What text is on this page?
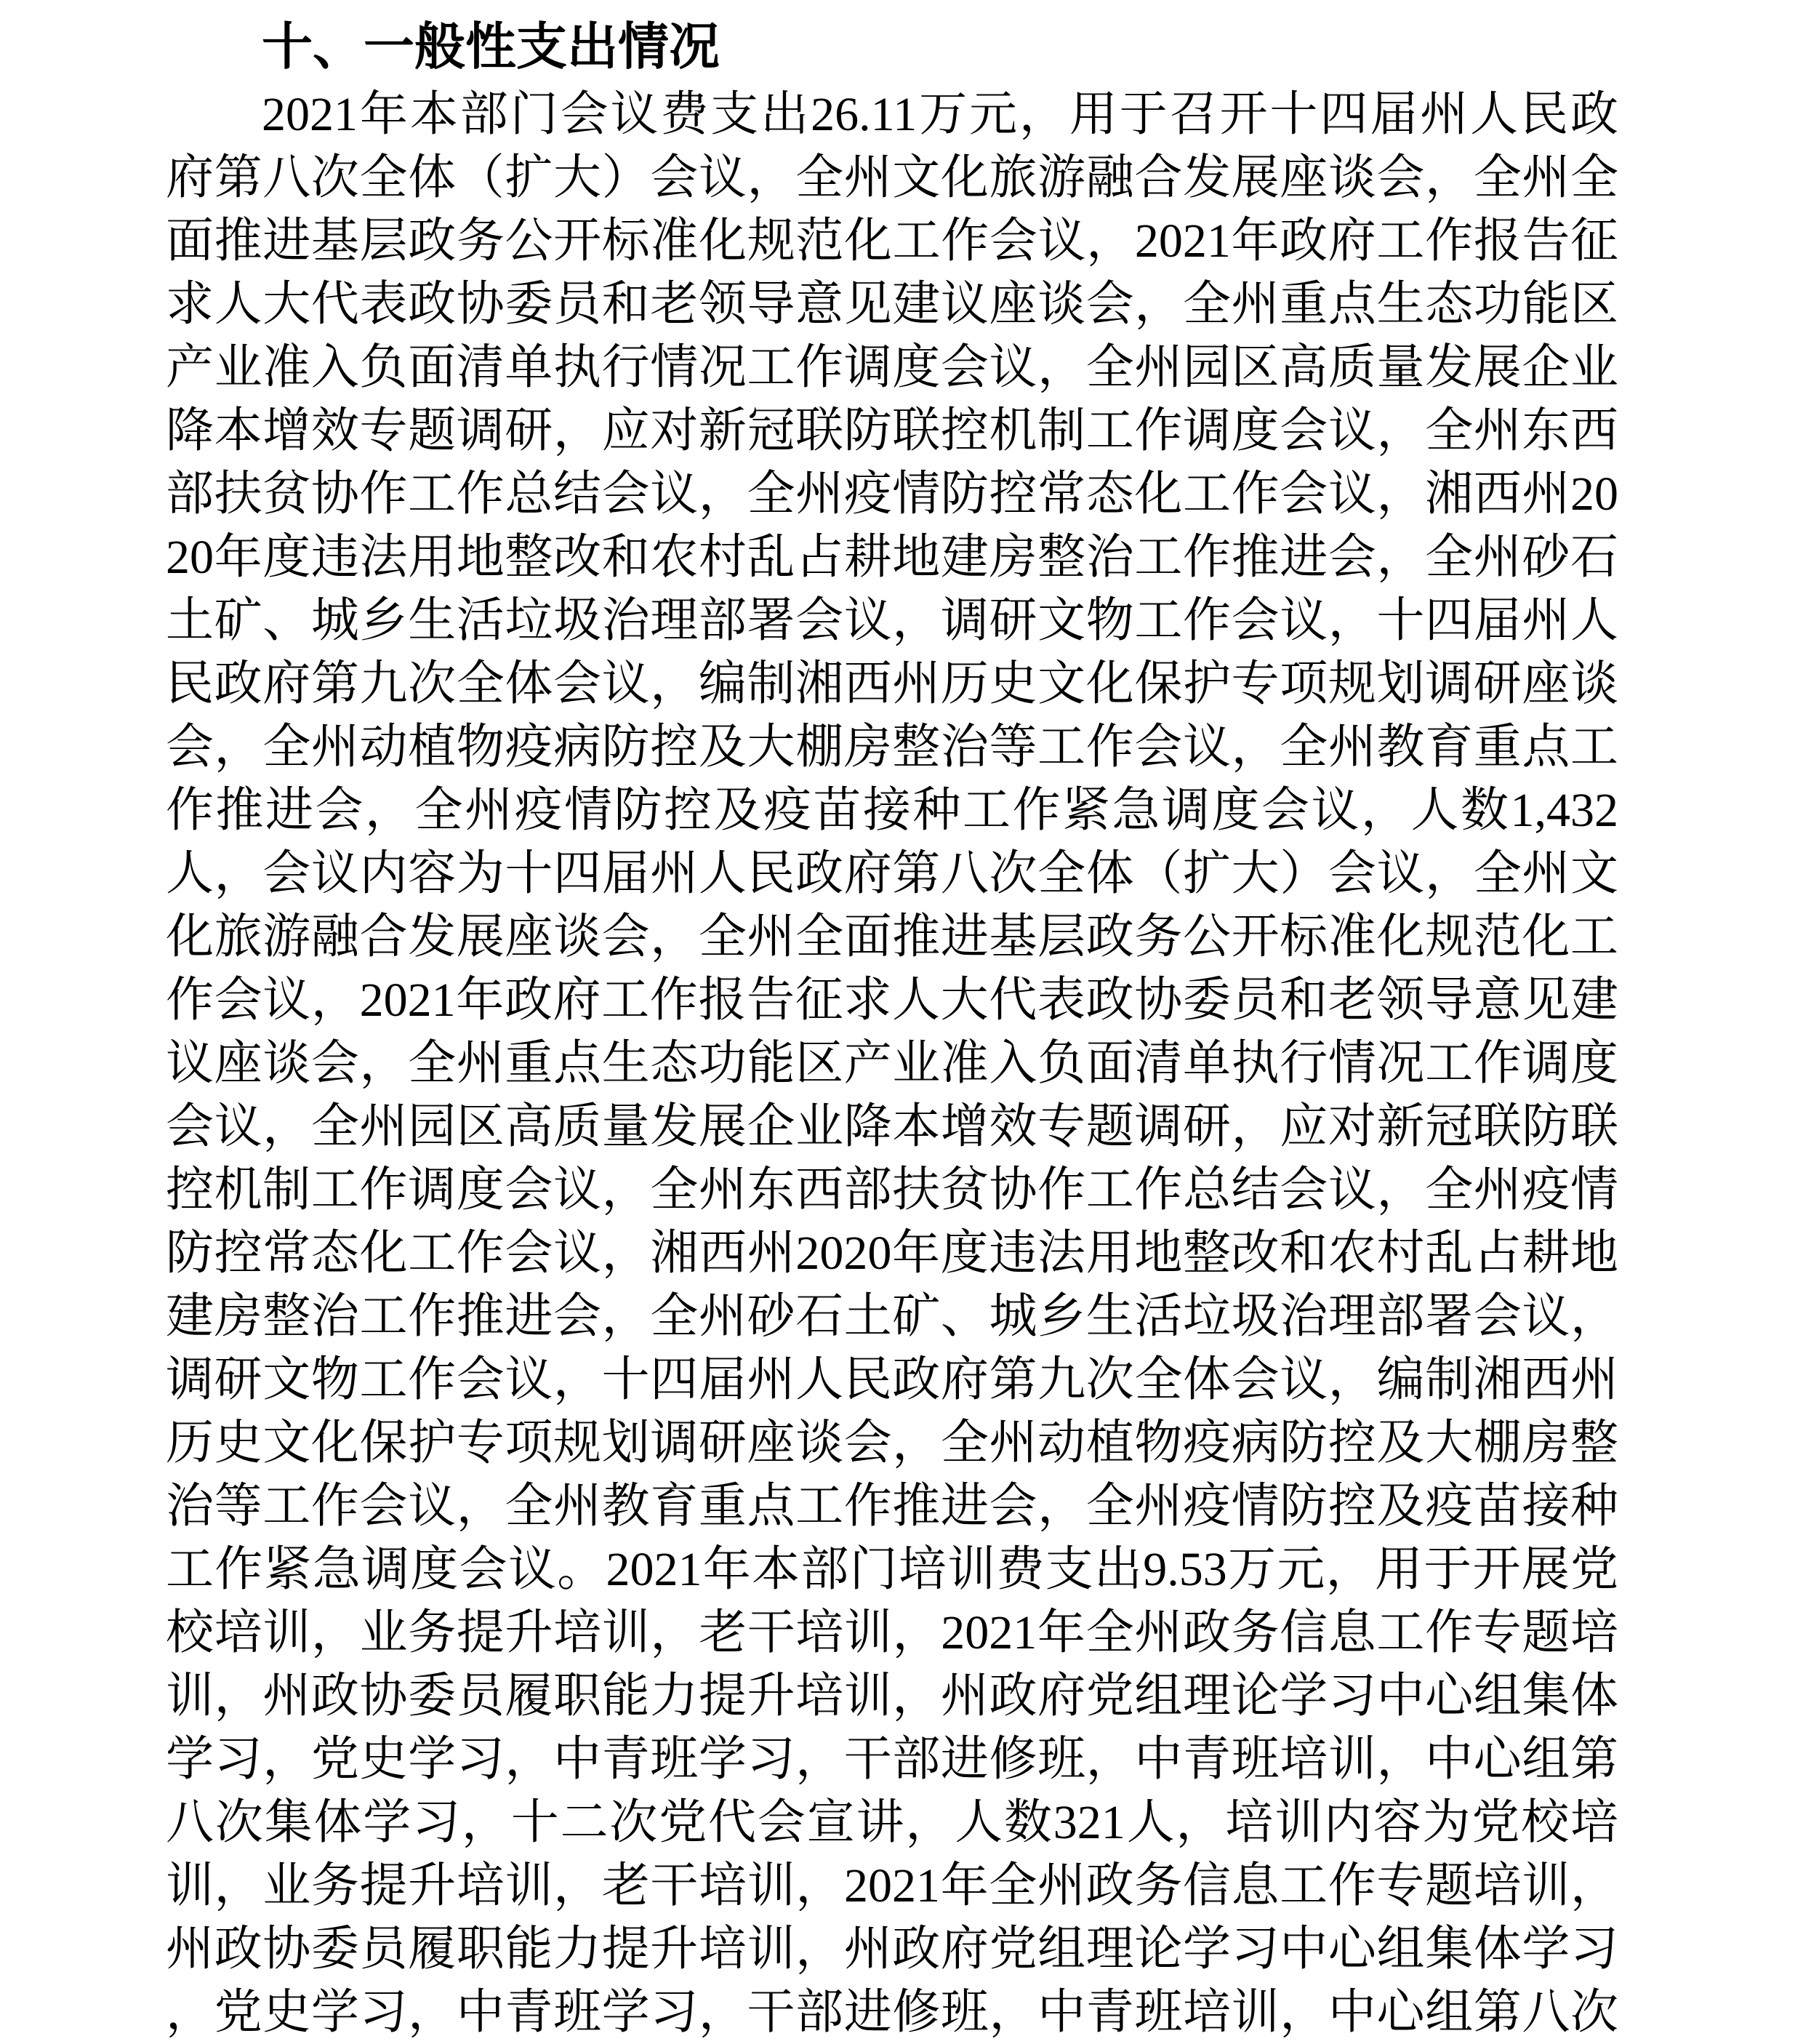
十、一般性支出情况
2021年本部门会议费支出26.11万元，用于召开十四届州人民政
府第八次全体（扩大）会议，全州文化旅游融合发展座谈会，全州全
面推进基层政务公开标准化规范化工作会议，2021年政府工作报告征
求人大代表政协委员和老领导意见建议座谈会，全州重点生态功能区
产业准入负面清单执行情况工作调度会议，全州园区高质量发展企业
降本增效专题调研，应对新冠联防联控机制工作调度会议，全州东西
部扶贫协作工作总结会议，全州疫情防控常态化工作会议，湘西州20
20年度违法用地整改和农村乱占耕地建房整治工作推进会，全州砂石
土矿、城乡生活垃圾治理部署会议，调研文物工作会议，十四届州人
民政府第九次全体会议，编制湘西州历史文化保护专项规划调研座谈
会，全州动植物疫病防控及大棚房整治等工作会议，全州教育重点工
作推进会，全州疫情防控及疫苗接种工作紧急调度会议，人数1,432
人，会议内容为十四届州人民政府第八次全体（扩大）会议，全州文
化旅游融合发展座谈会，全州全面推进基层政务公开标准化规范化工
作会议，2021年政府工作报告征求人大代表政协委员和老领导意见建
议座谈会，全州重点生态功能区产业准入负面清单执行情况工作调度
会议，全州园区高质量发展企业降本增效专题调研，应对新冠联防联
控机制工作调度会议，全州东西部扶贫协作工作总结会议，全州疫情
防控常态化工作会议，湘西州2020年度违法用地整改和农村乱占耕地
建房整治工作推进会，全州砂石土矿、城乡生活垃圾治理部署会议，
调研文物工作会议，十四届州人民政府第九次全体会议，编制湘西州
历史文化保护专项规划调研座谈会，全州动植物疫病防控及大棚房整
治等工作会议，全州教育重点工作推进会，全州疫情防控及疫苗接种
工作紧急调度会议。2021年本部门培训费支出9.53万元，用于开展党
校培训，业务提升培训，老干培训，2021年全州政务信息工作专题培
训，州政协委员履职能力提升培训，州政府党组理论学习中心组集体
学习，党史学习，中青班学习，干部进修班，中青班培训，中心组第
八次集体学习，十二次党代会宣讲，人数321人，培训内容为党校培
训，业务提升培训，老干培训，2021年全州政务信息工作专题培训，
州政协委员履职能力提升培训，州政府党组理论学习中心组集体学习
，党史学习，中青班学习，干部进修班，中青班培训，中心组第八次
